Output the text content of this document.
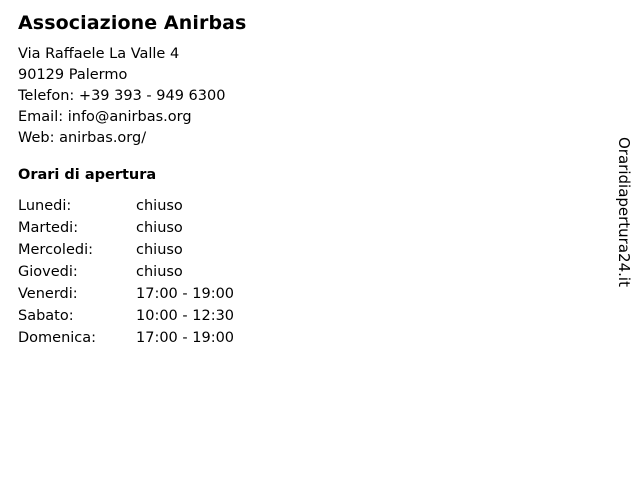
Associazione Anirbas
Via Raffaele La Valle 4
90129 Palermo
Telefon: +39 393 - 949 6300
Email: info@anirbas.org
Web: anirbas.org/
Orari di apertura
Lunedi:	chiuso
Martedi:	chiuso
Mercoledi:	chiuso
Giovedi:	chiuso
Venerdi:	17:00 - 19:00
Sabato:	10:00 - 12:30
Domenica:	17:00 - 19:00
Oraridiapertura24.it
